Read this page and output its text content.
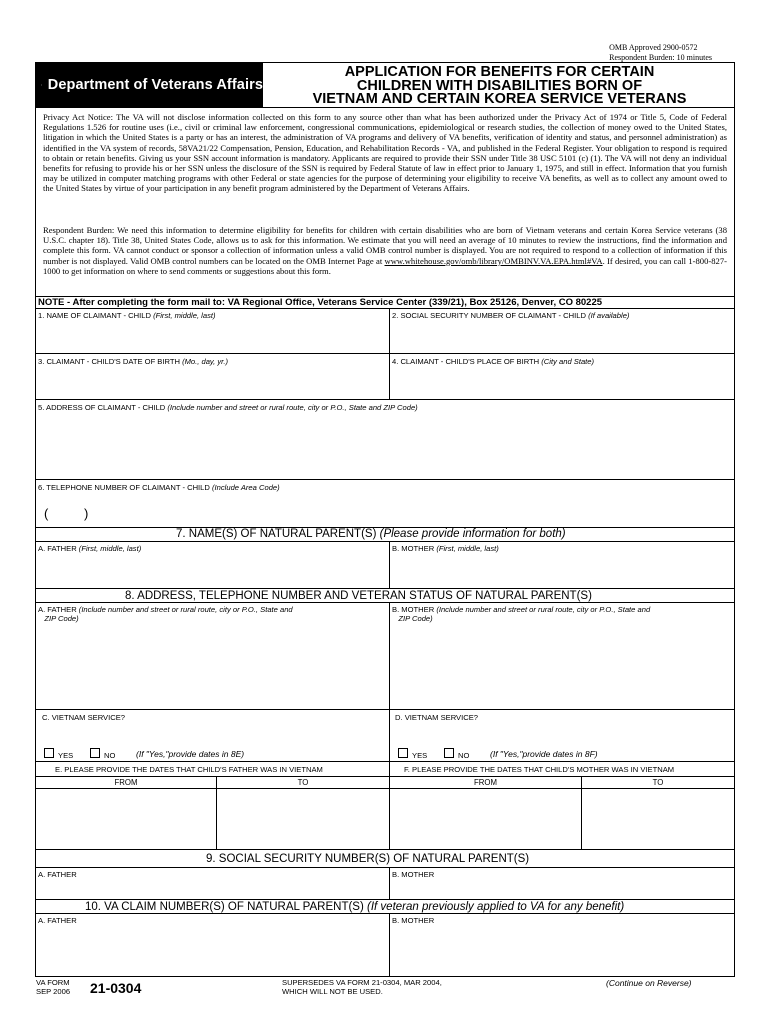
OMB Approved 2900-0572
Respondent Burden: 10 minutes
Department of Veterans Affairs
APPLICATION FOR BENEFITS FOR CERTAIN
CHILDREN WITH DISABILITIES BORN OF
VIETNAM AND CERTAIN KOREA SERVICE VETERANS
Privacy Act Notice: The VA will not disclose information collected on this form to any source other than what has been authorized under the Privacy Act of 1974 or Title 5, Code of Federal Regulations 1.526 for routine uses (i.e., civil or criminal law enforcement, congressional communications, epidemiological or research studies, the collection of money owed to the United States, litigation in which the United States is a party or has an interest, the administration of VA programs and delivery of VA benefits, verification of identity and status, and personnel administration) as identified in the VA system of records, 58VA21/22 Compensation, Pension, Education, and Rehabilitation Records - VA, and published in the Federal Register. Your obligation to respond is required to obtain or retain benefits. Giving us your SSN account information is mandatory. Applicants are required to provide their SSN under Title 38 USC 5101 (c) (1). The VA will not deny an individual benefits for refusing to provide his or her SSN unless the disclosure of the SSN is required by Federal Statute of law in effect prior to January 1, 1975, and still in effect. Information that you furnish may be utilized in computer matching programs with other Federal or state agencies for the purpose of determining your eligibility to receive VA benefits, as well as to collect any amount owed to the United States by virtue of your participation in any benefit program administered by the Department of Veterans Affairs.
Respondent Burden: We need this information to determine eligibility for benefits for children with certain disabilities who are born of Vietnam veterans and certain Korea Service veterans (38 U.S.C. chapter 18). Title 38, United States Code, allows us to ask for this information. We estimate that you will need an average of 10 minutes to review the instructions, find the information and complete this form. VA cannot conduct or sponsor a collection of information unless a valid OMB control number is displayed. You are not required to respond to a collection of information if this number is not displayed. Valid OMB control numbers can be located on the OMB Internet Page at www.whitehouse.gov/omb/library/OMBINV.VA.EPA.html#VA. If desired, you can call 1-800-827-1000 to get information on where to send comments or suggestions about this form.
NOTE - After completing the form mail to: VA Regional Office, Veterans Service Center (339/21), Box 25126, Denver, CO 80225
1. NAME OF CLAIMANT - CHILD (First, middle, last)	2. SOCIAL SECURITY NUMBER OF CLAIMANT - CHILD (If available)
3. CLAIMANT - CHILD'S DATE OF BIRTH (Mo., day, yr.)	4. CLAIMANT - CHILD'S PLACE OF BIRTH (City and State)
5. ADDRESS OF CLAIMANT - CHILD (Include number and street or rural route, city or P.O., State and ZIP Code)
6. TELEPHONE NUMBER OF CLAIMANT - CHILD (Include Area Code)
(	)
7. NAME(S) OF NATURAL PARENT(S) (Please provide information for both)
A. FATHER (First, middle, last)	B. MOTHER (First, middle, last)
8. ADDRESS, TELEPHONE NUMBER AND VETERAN STATUS OF NATURAL PARENT(S)
A. FATHER (Include number and street or rural route, city or P.O., State and
ZIP Code)
B. MOTHER (Include number and street or rural route, city or P.O., State and
ZIP Code)
C. VIETNAM SERVICE?	D. VIETNAM SERVICE?
YES	NO (If "Yes,"provide dates in 8E)	YES	NO (If "Yes,"provide dates in 8F)
E. PLEASE PROVIDE THE DATES THAT CHILD'S FATHER WAS IN VIETNAM	F. PLEASE PROVIDE THE DATES THAT CHILD'S MOTHER WAS IN VIETNAM
FROM	TO	FROM	TO
9. SOCIAL SECURITY NUMBER(S) OF NATURAL PARENT(S)
A. FATHER	B. MOTHER
10. VA CLAIM NUMBER(S) OF NATURAL PARENT(S) (If veteran previously applied to VA for any benefit)
A. FATHER	B. MOTHER
VA FORM
SEP 2006 21-0304	SUPERSEDES VA FORM 21-0304, MAR 2004,
WHICH WILL NOT BE USED.
(Continue on Reverse)
